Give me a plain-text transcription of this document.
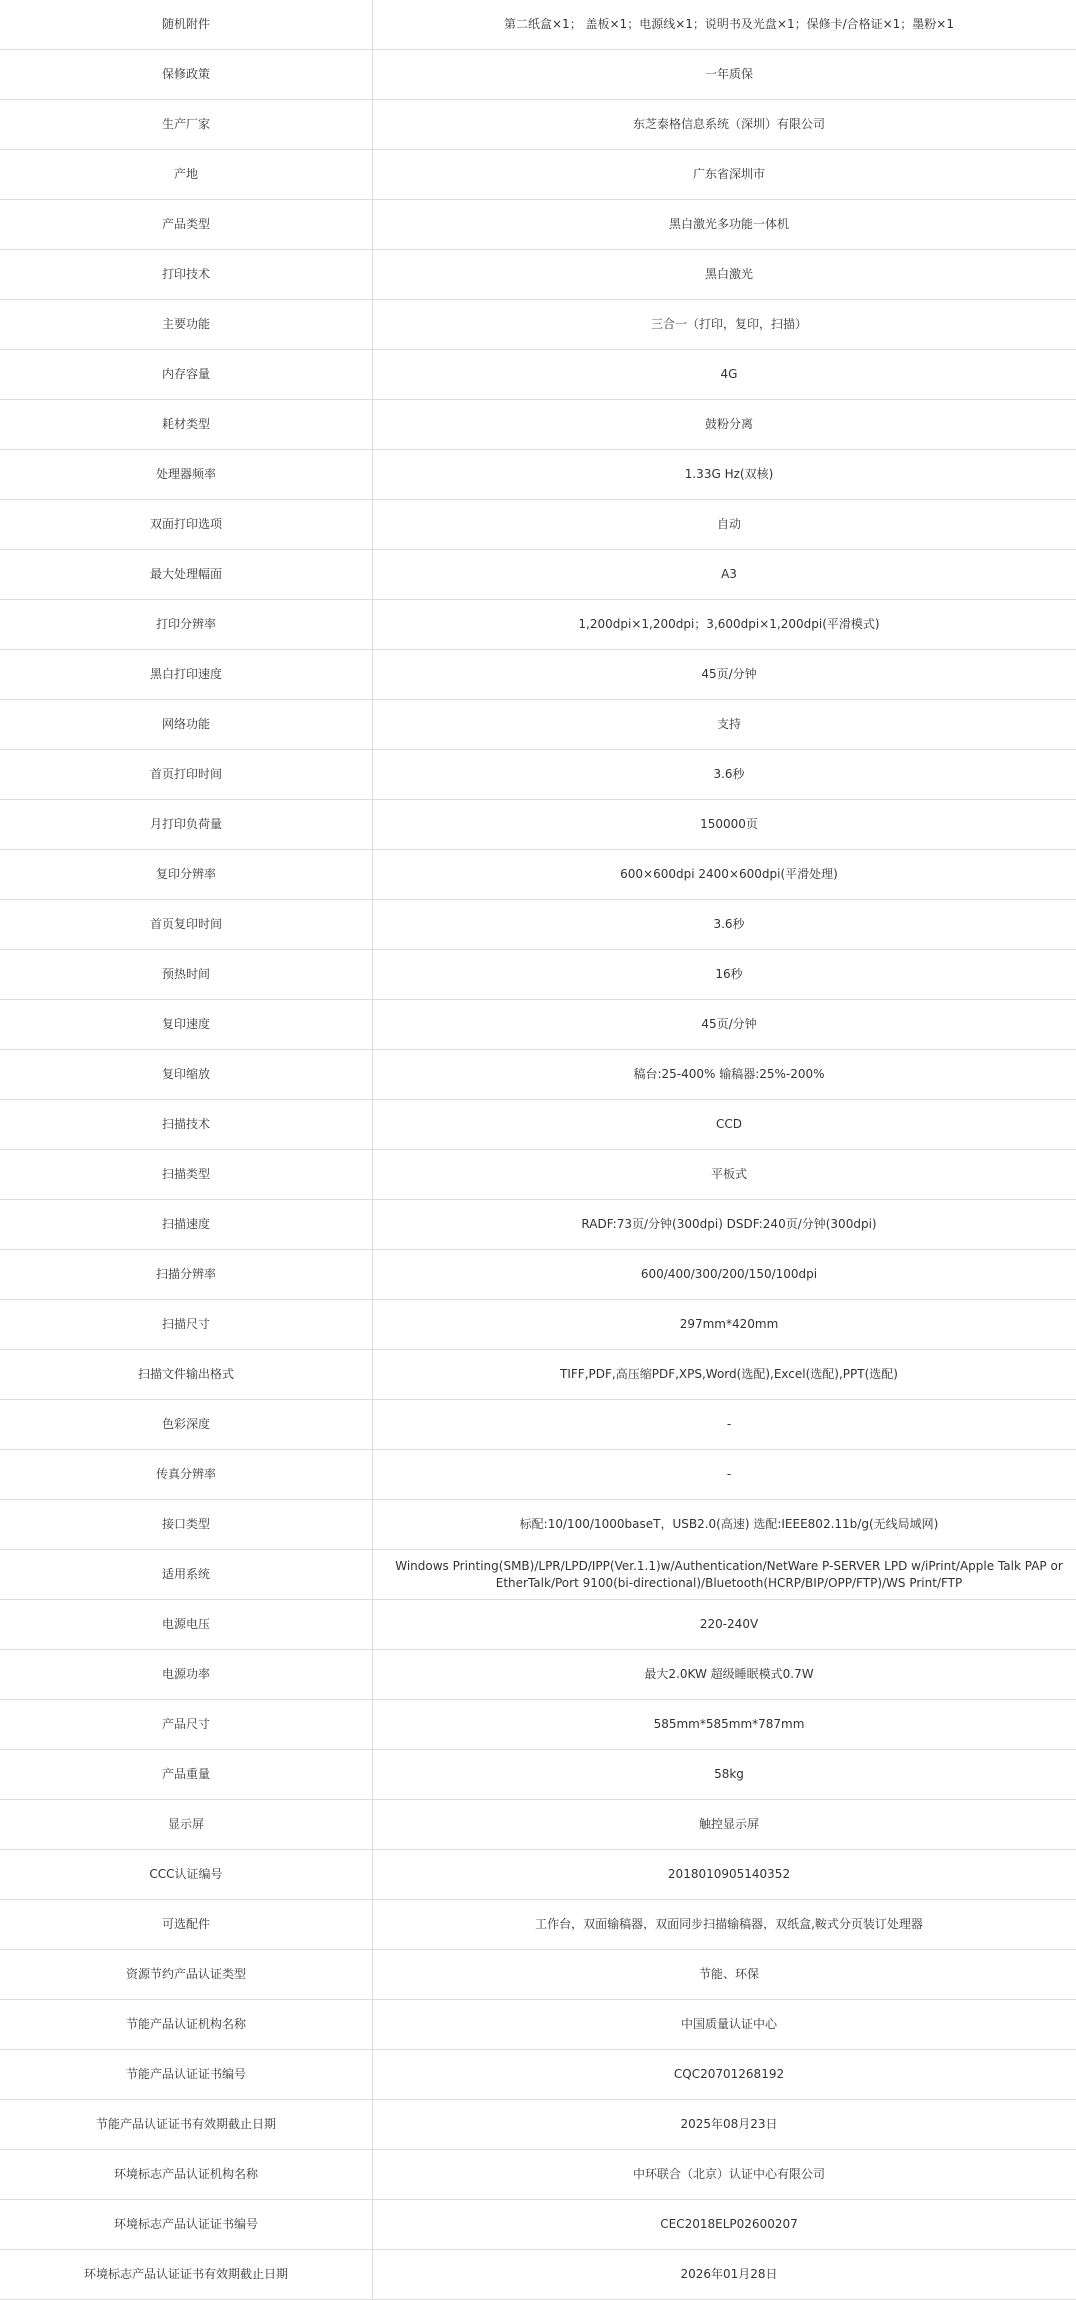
随机附件	第二纸盒×1； 盖板×1；电源线×1；说明书及光盘×1；保修卡/合格证×1；墨粉×1
保修政策	一年质保
生产厂家	东芝泰格信息系统（深圳）有限公司
产地	广东省深圳市
产品类型	黑白激光多功能一体机
打印技术	黑白激光
主要功能	三合一（打印，复印，扫描）
内存容量	4G
耗材类型	鼓粉分离
处理器频率	1.33G Hz(双核)
双面打印选项	自动
最大处理幅面	A3
打印分辨率	1,200dpi×1,200dpi；3,600dpi×1,200dpi(平滑模式)
黑白打印速度	45页/分钟
网络功能	支持
首页打印时间	3.6秒
月打印负荷量	150000页
复印分辨率	600×600dpi 2400×600dpi(平滑处理)
首页复印时间	3.6秒
预热时间	16秒
复印速度	45页/分钟
复印缩放	稿台:25-400% 输稿器:25%-200%
扫描技术	CCD
扫描类型	平板式
扫描速度	RADF:73页/分钟(300dpi) DSDF:240页/分钟(300dpi)
扫描分辨率	600/400/300/200/150/100dpi
扫描尺寸	297mm*420mm
扫描文件输出格式	TIFF,PDF,高压缩PDF,XPS,Word(选配),Excel(选配),PPT(选配)
色彩深度	-
传真分辨率	-
接口类型	标配:10/100/1000baseT，USB2.0(高速) 选配:IEEE802.11b/g(无线局域网)
适用系统	Windows Printing(SMB)/LPR/LPD/IPP(Ver.1.1)w/Authentication/NetWare P-SERVER LPD w/iPrint/Apple Talk PAP or EtherTalk/Port 9100(bi-directional)/Bluetooth(HCRP/BIP/OPP/FTP)/WS Print/FTP
电源电压	220-240V
电源功率	最大2.0KW 超级睡眠模式0.7W
产品尺寸	585mm*585mm*787mm
产品重量	58kg
显示屏	触控显示屏
CCC认证编号	2018010905140352
可选配件	工作台，双面输稿器，双面同步扫描输稿器，双纸盒,鞍式分页装订处理器
资源节约产品认证类型	节能、环保
节能产品认证机构名称	中国质量认证中心
节能产品认证证书编号	CQC20701268192
节能产品认证证书有效期截止日期	2025年08月23日
环境标志产品认证机构名称	中环联合（北京）认证中心有限公司
环境标志产品认证证书编号	CEC2018ELP02600207
环境标志产品认证证书有效期截止日期	2026年01月28日
